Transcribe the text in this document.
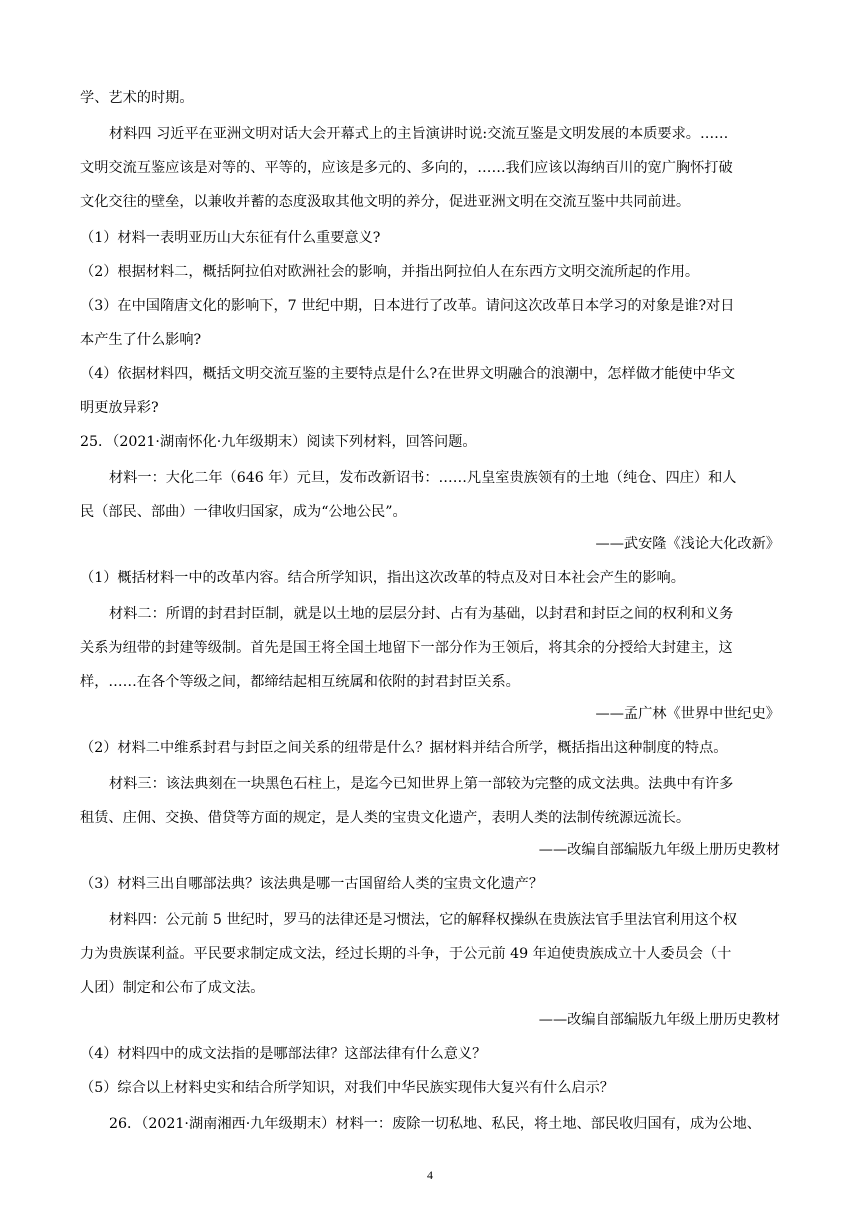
学、艺术的时期。
材料四 习近平在亚洲文明对话大会开幕式上的主旨演讲时说:交流互鉴是文明发展的本质要求。……
文明交流互鉴应该是对等的、平等的，应该是多元的、多向的，……我们应该以海纳百川的宽广胸怀打破
文化交往的壁垒，以兼收并蓄的态度汲取其他文明的养分，促进亚洲文明在交流互鉴中共同前进。
（1）材料一表明亚历山大东征有什么重要意义?
（2）根据材料二，概括阿拉伯对欧洲社会的影响，并指出阿拉伯人在东西方文明交流所起的作用。
（3）在中国隋唐文化的影响下，7 世纪中期，日本进行了改革。请问这次改革日本学习的对象是谁?对日
本产生了什么影响?
（4）依据材料四，概括文明交流互鉴的主要特点是什么?在世界文明融合的浪潮中，怎样做才能使中华文
明更放异彩?
25．（2021·湖南怀化·九年级期末）阅读下列材料，回答问题。
材料一：大化二年（646 年）元旦，发布改新诏书：……凡皇室贵族领有的土地（纯仓、四庄）和人
民（部民、部曲）一律收归国家，成为“公地公民”。
——武安隆《浅论大化改新》
（1）概括材料一中的改革内容。结合所学知识，指出这次改革的特点及对日本社会产生的影响。
材料二：所谓的封君封臣制，就是以土地的层层分封、占有为基础，以封君和封臣之间的权利和义务
关系为纽带的封建等级制。首先是国王将全国土地留下一部分作为王领后，将其余的分授给大封建主，这
样，……在各个等级之间，都缔结起相互统属和依附的封君封臣关系。
——孟广林《世界中世纪史》
（2）材料二中维系封君与封臣之间关系的纽带是什么？据材料并结合所学，概括指出这种制度的特点。
材料三：该法典刻在一块黑色石柱上，是迄今已知世界上第一部较为完整的成文法典。法典中有许多
租赁、庄佣、交换、借贷等方面的规定，是人类的宝贵文化遗产，表明人类的法制传统源远流长。
——改编自部编版九年级上册历史教材
（3）材料三出自哪部法典？该法典是哪一古国留给人类的宝贵文化遗产？
材料四：公元前 5 世纪时，罗马的法律还是习惯法，它的解释权操纵在贵族法官手里法官利用这个权
力为贵族谋利益。平民要求制定成文法，经过长期的斗争，于公元前 49 年迫使贵族成立十人委员会（十
人团）制定和公布了成文法。
——改编自部编版九年级上册历史教材
（4）材料四中的成文法指的是哪部法律？这部法律有什么意义？
（5）综合以上材料史实和结合所学知识，对我们中华民族实现伟大复兴有什么启示？
26．（2021·湖南湘西·九年级期末）材料一：废除一切私地、私民，将土地、部民收归国有，成为公地、
4
